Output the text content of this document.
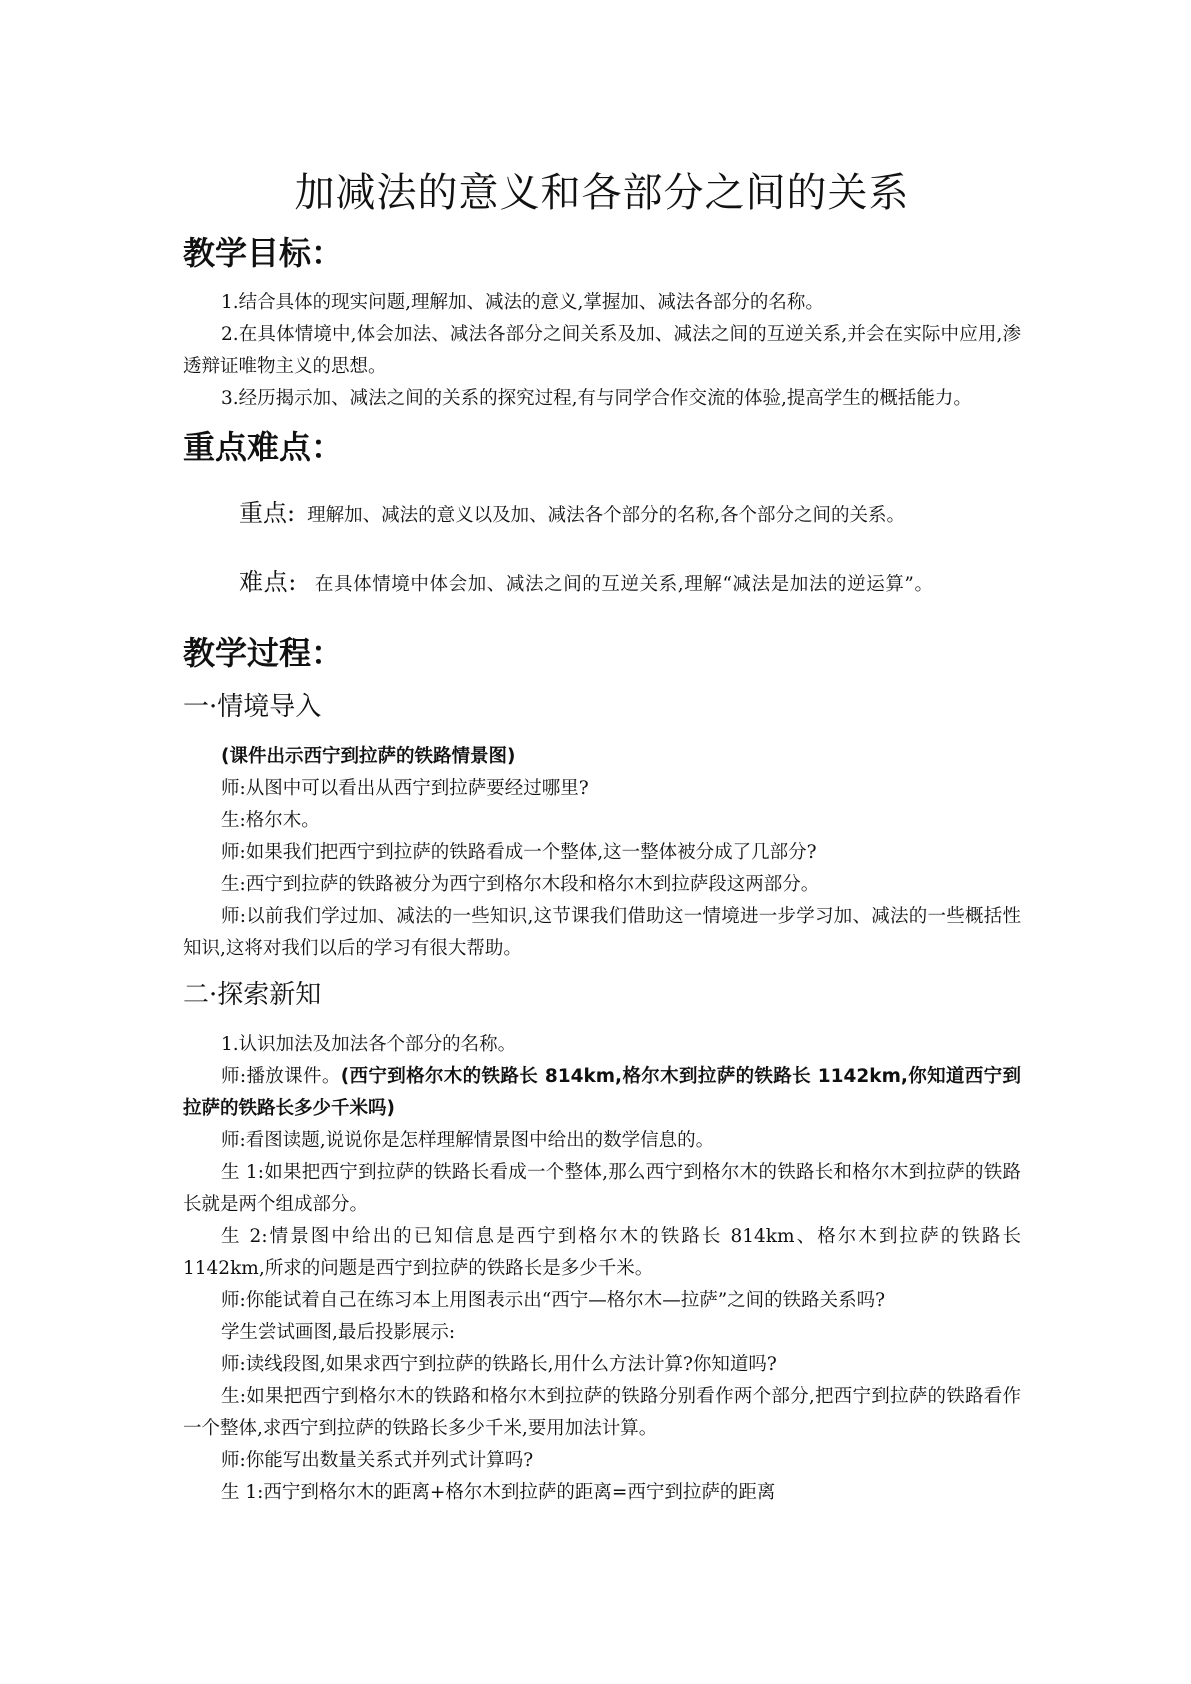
加减法的意义和各部分之间的关系
教学目标：

1.结合具体的现实问题,理解加、减法的意义,掌握加、减法各部分的名称。

2.在具体情境中,体会加法、减法各部分之间关系及加、减法之间的互逆关系,并会在实际中应用,渗透辩证唯物主义的思想。

3.经历揭示加、减法之间的关系的探究过程,有与同学合作交流的体验,提高学生的概括能力。

重点难点：
重点: 理解加、减法的意义以及加、减法各个部分的名称,各个部分之间的关系。
难点: 在具体情境中体会加、减法之间的互逆关系,理解“减法是加法的逆运算”。
教学过程：
一·情境导入

(课件出示西宁到拉萨的铁路情景图)

师:从图中可以看出从西宁到拉萨要经过哪里?

生:格尔木。

师:如果我们把西宁到拉萨的铁路看成一个整体,这一整体被分成了几部分?

生:西宁到拉萨的铁路被分为西宁到格尔木段和格尔木到拉萨段这两部分。

师:以前我们学过加、减法的一些知识,这节课我们借助这一情境进一步学习加、减法的一些概括性知识,这将对我们以后的学习有很大帮助。

二·探索新知

1.认识加法及加法各个部分的名称。

师:播放课件。(西宁到格尔木的铁路长 814km,格尔木到拉萨的铁路长 1142km,你知道西宁到拉萨的铁路长多少千米吗)

师:看图读题,说说你是怎样理解情景图中给出的数学信息的。

生 1:如果把西宁到拉萨的铁路长看成一个整体,那么西宁到格尔木的铁路长和格尔木到拉萨的铁路长就是两个组成部分。

生 2:情景图中给出的已知信息是西宁到格尔木的铁路长 814km、格尔木到拉萨的铁路长 1142km,所求的问题是西宁到拉萨的铁路长是多少千米。

师:你能试着自己在练习本上用图表示出“西宁—格尔木—拉萨”之间的铁路关系吗?

学生尝试画图,最后投影展示:

师:读线段图,如果求西宁到拉萨的铁路长,用什么方法计算?你知道吗?

生:如果把西宁到格尔木的铁路和格尔木到拉萨的铁路分别看作两个部分,把西宁到拉萨的铁路看作一个整体,求西宁到拉萨的铁路长多少千米,要用加法计算。

师:你能写出数量关系式并列式计算吗?

生 1:西宁到格尔木的距离+格尔木到拉萨的距离=西宁到拉萨的距离
